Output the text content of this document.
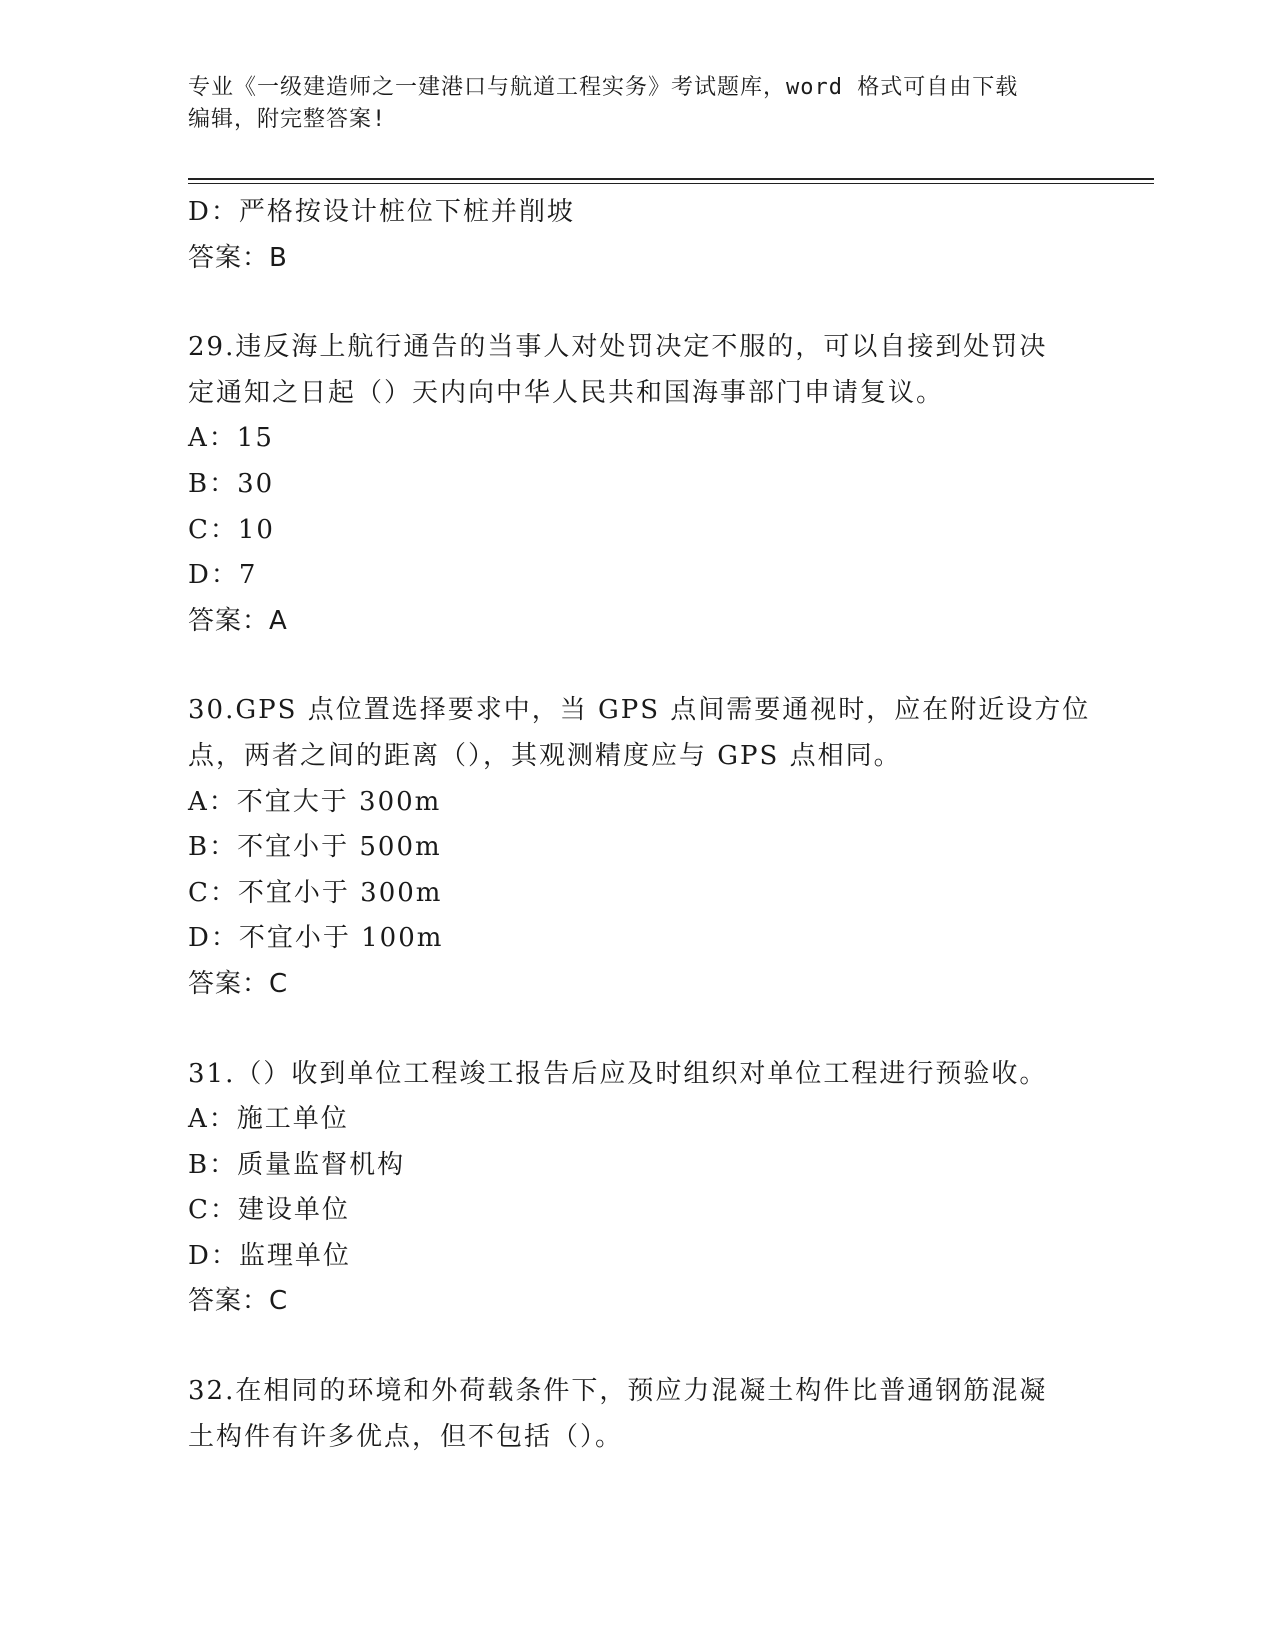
专业《一级建造师之一建港口与航道工程实务》考试题库，word 格式可自由下载
编辑，附完整答案!
D：严格按设计桩位下桩并削坡
答案：B
29.违反海上航行通告的当事人对处罚决定不服的，可以自接到处罚决
定通知之日起（）天内向中华人民共和国海事部门申请复议。
A：15
B：30
C：10
D：7
答案：A
30.GPS 点位置选择要求中，当 GPS 点间需要通视时，应在附近设方位
点，两者之间的距离（），其观测精度应与 GPS 点相同。
A：不宜大于 300m
B：不宜小于 500m
C：不宜小于 300m
D：不宜小于 100m
答案：C
31.（）收到单位工程竣工报告后应及时组织对单位工程进行预验收。
A：施工单位
B：质量监督机构
C：建设单位
D：监理单位
答案：C
32.在相同的环境和外荷载条件下，预应力混凝土构件比普通钢筋混凝
土构件有许多优点，但不包括（）。
